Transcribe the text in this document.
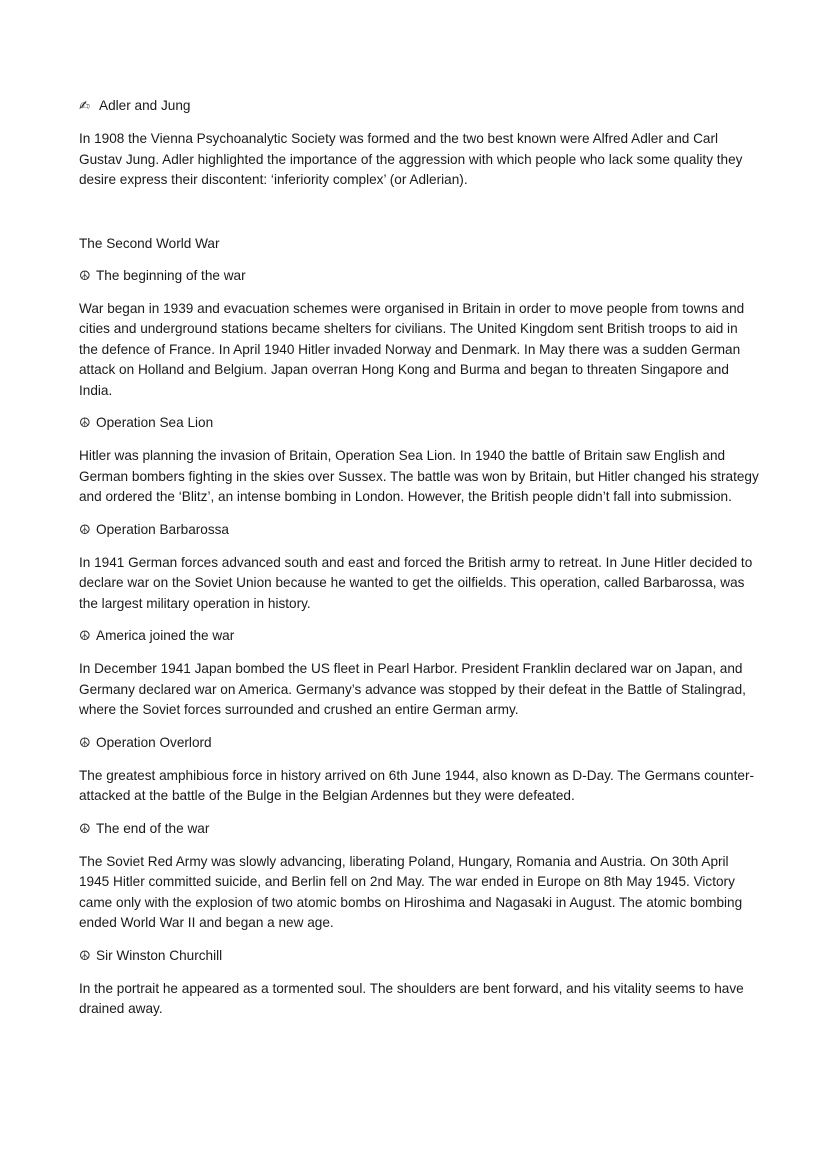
✍ Adler and Jung

In 1908 the Vienna Psychoanalytic Society was formed and the two best known were Alfred Adler and Carl Gustav Jung. Adler highlighted the importance of the aggression with which people who lack some quality they desire express their discontent: ‘inferiority complex’ (or Adlerian).

The Second World War

☮ The beginning of the war

War began in 1939 and evacuation schemes were organised in Britain in order to move people from towns and cities and underground stations became shelters for civilians. The United Kingdom sent British troops to aid in the defence of France. In April 1940 Hitler invaded Norway and Denmark. In May there was a sudden German attack on Holland and Belgium. Japan overran Hong Kong and Burma and began to threaten Singapore and India.

☮ Operation Sea Lion

Hitler was planning the invasion of Britain, Operation Sea Lion. In 1940 the battle of Britain saw English and German bombers fighting in the skies over Sussex. The battle was won by Britain, but Hitler changed his strategy and ordered the ‘Blitz’, an intense bombing in London. However, the British people didn’t fall into submission.

☮ Operation Barbarossa

In 1941 German forces advanced south and east and forced the British army to retreat. In June Hitler decided to declare war on the Soviet Union because he wanted to get the oilfields. This operation, called Barbarossa, was the largest military operation in history.

☮ America joined the war

In December 1941 Japan bombed the US fleet in Pearl Harbor. President Franklin declared war on Japan, and Germany declared war on America. Germany’s advance was stopped by their defeat in the Battle of Stalingrad, where the Soviet forces surrounded and crushed an entire German army.

☮ Operation Overlord

The greatest amphibious force in history arrived on 6th June 1944, also known as D-Day. The Germans counter-attacked at the battle of the Bulge in the Belgian Ardennes but they were defeated.

☮ The end of the war

The Soviet Red Army was slowly advancing, liberating Poland, Hungary, Romania and Austria. On 30th April 1945 Hitler committed suicide, and Berlin fell on 2nd May. The war ended in Europe on 8th May 1945. Victory came only with the explosion of two atomic bombs on Hiroshima and Nagasaki in August. The atomic bombing ended World War II and began a new age.

☮ Sir Winston Churchill

In the portrait he appeared as a tormented soul. The shoulders are bent forward, and his vitality seems to have drained away.
